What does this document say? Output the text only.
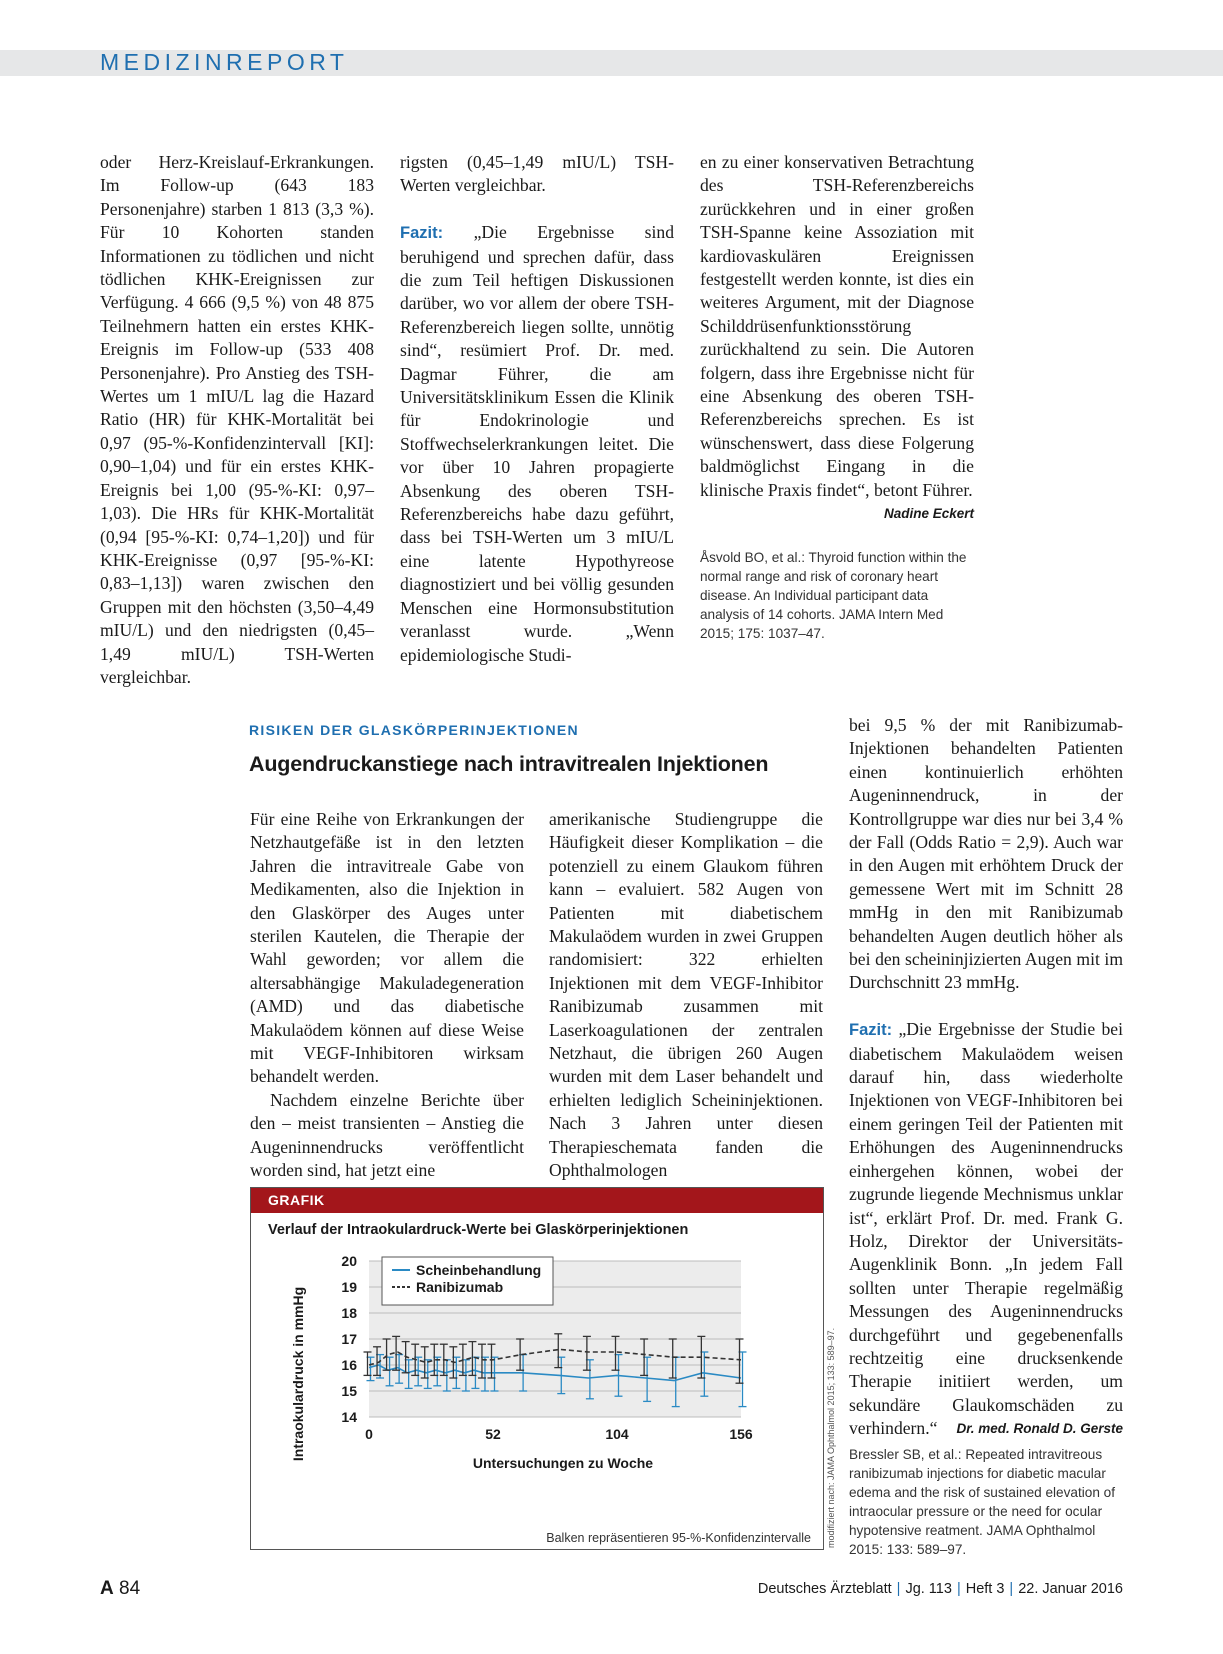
MEDIZINREPORT

oder Herz-Kreislauf-Erkrankungen. Im Follow-up (643 183 Personenjahre) starben 1 813 (3,3 %). Für 10 Kohorten standen Informationen zu tödlichen und nicht tödlichen KHK-Ereignissen zur Verfügung. 4 666 (9,5 %) von 48 875 Teilnehmern hatten ein erstes KHK-Ereignis im Follow-up (533 408 Personenjahre). Pro Anstieg des TSH-Wertes um 1 mIU/L lag die Hazard Ratio (HR) für KHK-Mortalität bei 0,97 (95-%-Konfidenzintervall [KI]: 0,90–1,04) und für ein erstes KHK-Ereignis bei 1,00 (95-%-KI: 0,97–1,03). Die HRs für KHK-Mortalität (0,94 [95-%-KI: 0,74–1,20]) und für KHK-Ereignisse (0,97 [95-%-KI: 0,83–1,13]) waren zwischen den Gruppen mit den höchsten (3,50–4,49 mIU/L) und den niedrigsten (0,45–1,49 mIU/L) TSH-Werten vergleichbar.

rigsten (0,45–1,49 mIU/L) TSH-Werten vergleichbar.

Fazit: „Die Ergebnisse sind beruhigend und sprechen dafür, dass die zum Teil heftigen Diskussionen darüber, wo vor allem der obere TSH-Referenzbereich liegen sollte, unnötig sind“, resümiert Prof. Dr. med. Dagmar Führer, die am Universitätsklinikum Essen die Klinik für Endokrinologie und Stoffwechselerkrankungen leitet. Die vor über 10 Jahren propagierte Absenkung des oberen TSH-Referenzbereichs habe dazu geführt, dass bei TSH-Werten um 3 mIU/L eine latente Hypothyreose diagnostiziert und bei völlig gesunden Menschen eine Hormonsubstitution veranlasst wurde. „Wenn epidemiologische Studi-

en zu einer konservativen Betrachtung des TSH-Referenzbereichs zurückkehren und in einer großen TSH-Spanne keine Assoziation mit kardiovaskulären Ereignissen festgestellt werden konnte, ist dies ein weiteres Argument, mit der Diagnose Schilddrüsenfunktionsstörung zurückhaltend zu sein. Die Autoren folgern, dass ihre Ergebnisse nicht für eine Absenkung des oberen TSH-Referenzbereichs sprechen. Es ist wünschenswert, dass diese Folgerung baldmöglichst Eingang in die klinische Praxis findet“, betont Führer.
Nadine Eckert

Åsvold BO, et al.: Thyroid function within the normal range and risk of coronary heart disease. An Individual participant data analysis of 14 cohorts. JAMA Intern Med 2015; 175: 1037–47.
RISIKEN DER GLASKÖRPERINJEKTIONEN
Augendruckanstiege nach intravitrealen Injektionen

Für eine Reihe von Erkrankungen der Netzhautgefäße ist in den letzten Jahren die intravitreale Gabe von Medikamenten, also die Injektion in den Glaskörper des Auges unter sterilen Kautelen, die Therapie der Wahl geworden; vor allem die altersabhängige Makuladegeneration (AMD) und das diabetische Makulaödem können auf diese Weise mit VEGF-Inhibitoren wirksam behandelt werden.

Nachdem einzelne Berichte über den – meist transienten – Anstieg die Augeninnendrucks veröffentlicht worden sind, hat jetzt eine

amerikanische Studiengruppe die Häufigkeit dieser Komplikation – die potenziell zu einem Glaukom führen kann – evaluiert. 582 Augen von Patienten mit diabetischem Makulaödem wurden in zwei Gruppen randomisiert: 322 erhielten Injektionen mit dem VEGF-Inhibitor Ranibizumab zusammen mit Laserkoagulationen der zentralen Netzhaut, die übrigen 260 Augen wurden mit dem Laser behandelt und erhielten lediglich Scheininjektionen. Nach 3 Jahren unter diesen Therapieschemata fanden die Ophthalmologen

bei 9,5 % der mit Ranibizumab-Injektionen behandelten Patienten einen kontinuierlich erhöhten Augeninnendruck, in der Kontrollgruppe war dies nur bei 3,4 % der Fall (Odds Ratio = 2,9). Auch war in den Augen mit erhöhtem Druck der gemessene Wert mit im Schnitt 28 mmHg in den mit Ranibizumab behandelten Augen deutlich höher als bei den scheininjizierten Augen mit im Durchschnitt 23 mmHg.

Fazit: „Die Ergebnisse der Studie bei diabetischem Makulaödem weisen darauf hin, dass wiederholte Injektionen von VEGF-Inhibitoren bei einem geringen Teil der Patienten mit Erhöhungen des Augeninnendrucks einhergehen können, wobei der zugrunde liegende Mechnismus unklar ist“, erklärt Prof. Dr. med. Frank G. Holz, Direktor der Universitäts-Augenklinik Bonn. „In jedem Fall sollten unter Therapie regelmäßig Messungen des Augeninnendrucks durchgeführt und gegebenenfalls rechtzeitig eine drucksenkende Therapie initiiert werden, um sekundäre Glaukomschäden zu verhindern.“ Dr. med. Ronald D. Gerste

Bressler SB, et al.: Repeated intravitreous ranibizumab injections for diabetic macular edema and the risk of sustained elevation of intraocular pressure or the need for ocular hypotensive reatment. JAMA Ophthalmol 2015: 133: 589–97.
GRAFIK
Verlauf der Intraokulardruck-Werte bei Glaskörperinjektionen
14
15
16
17
18
19
20
0	52	104	156
Untersuchungen zu Woche
Intraokulardruck in mmHg
Scheinbehandlung
Ranibizumab
Balken repräsentieren 95-%-Konfidenzintervalle modifiziert nach: JAMA Ophthalmol 2015; 133: 589–97.
A 84	Deutsches Ärzteblatt | Jg. 113 | Heft 3 | 22. Januar 2016
